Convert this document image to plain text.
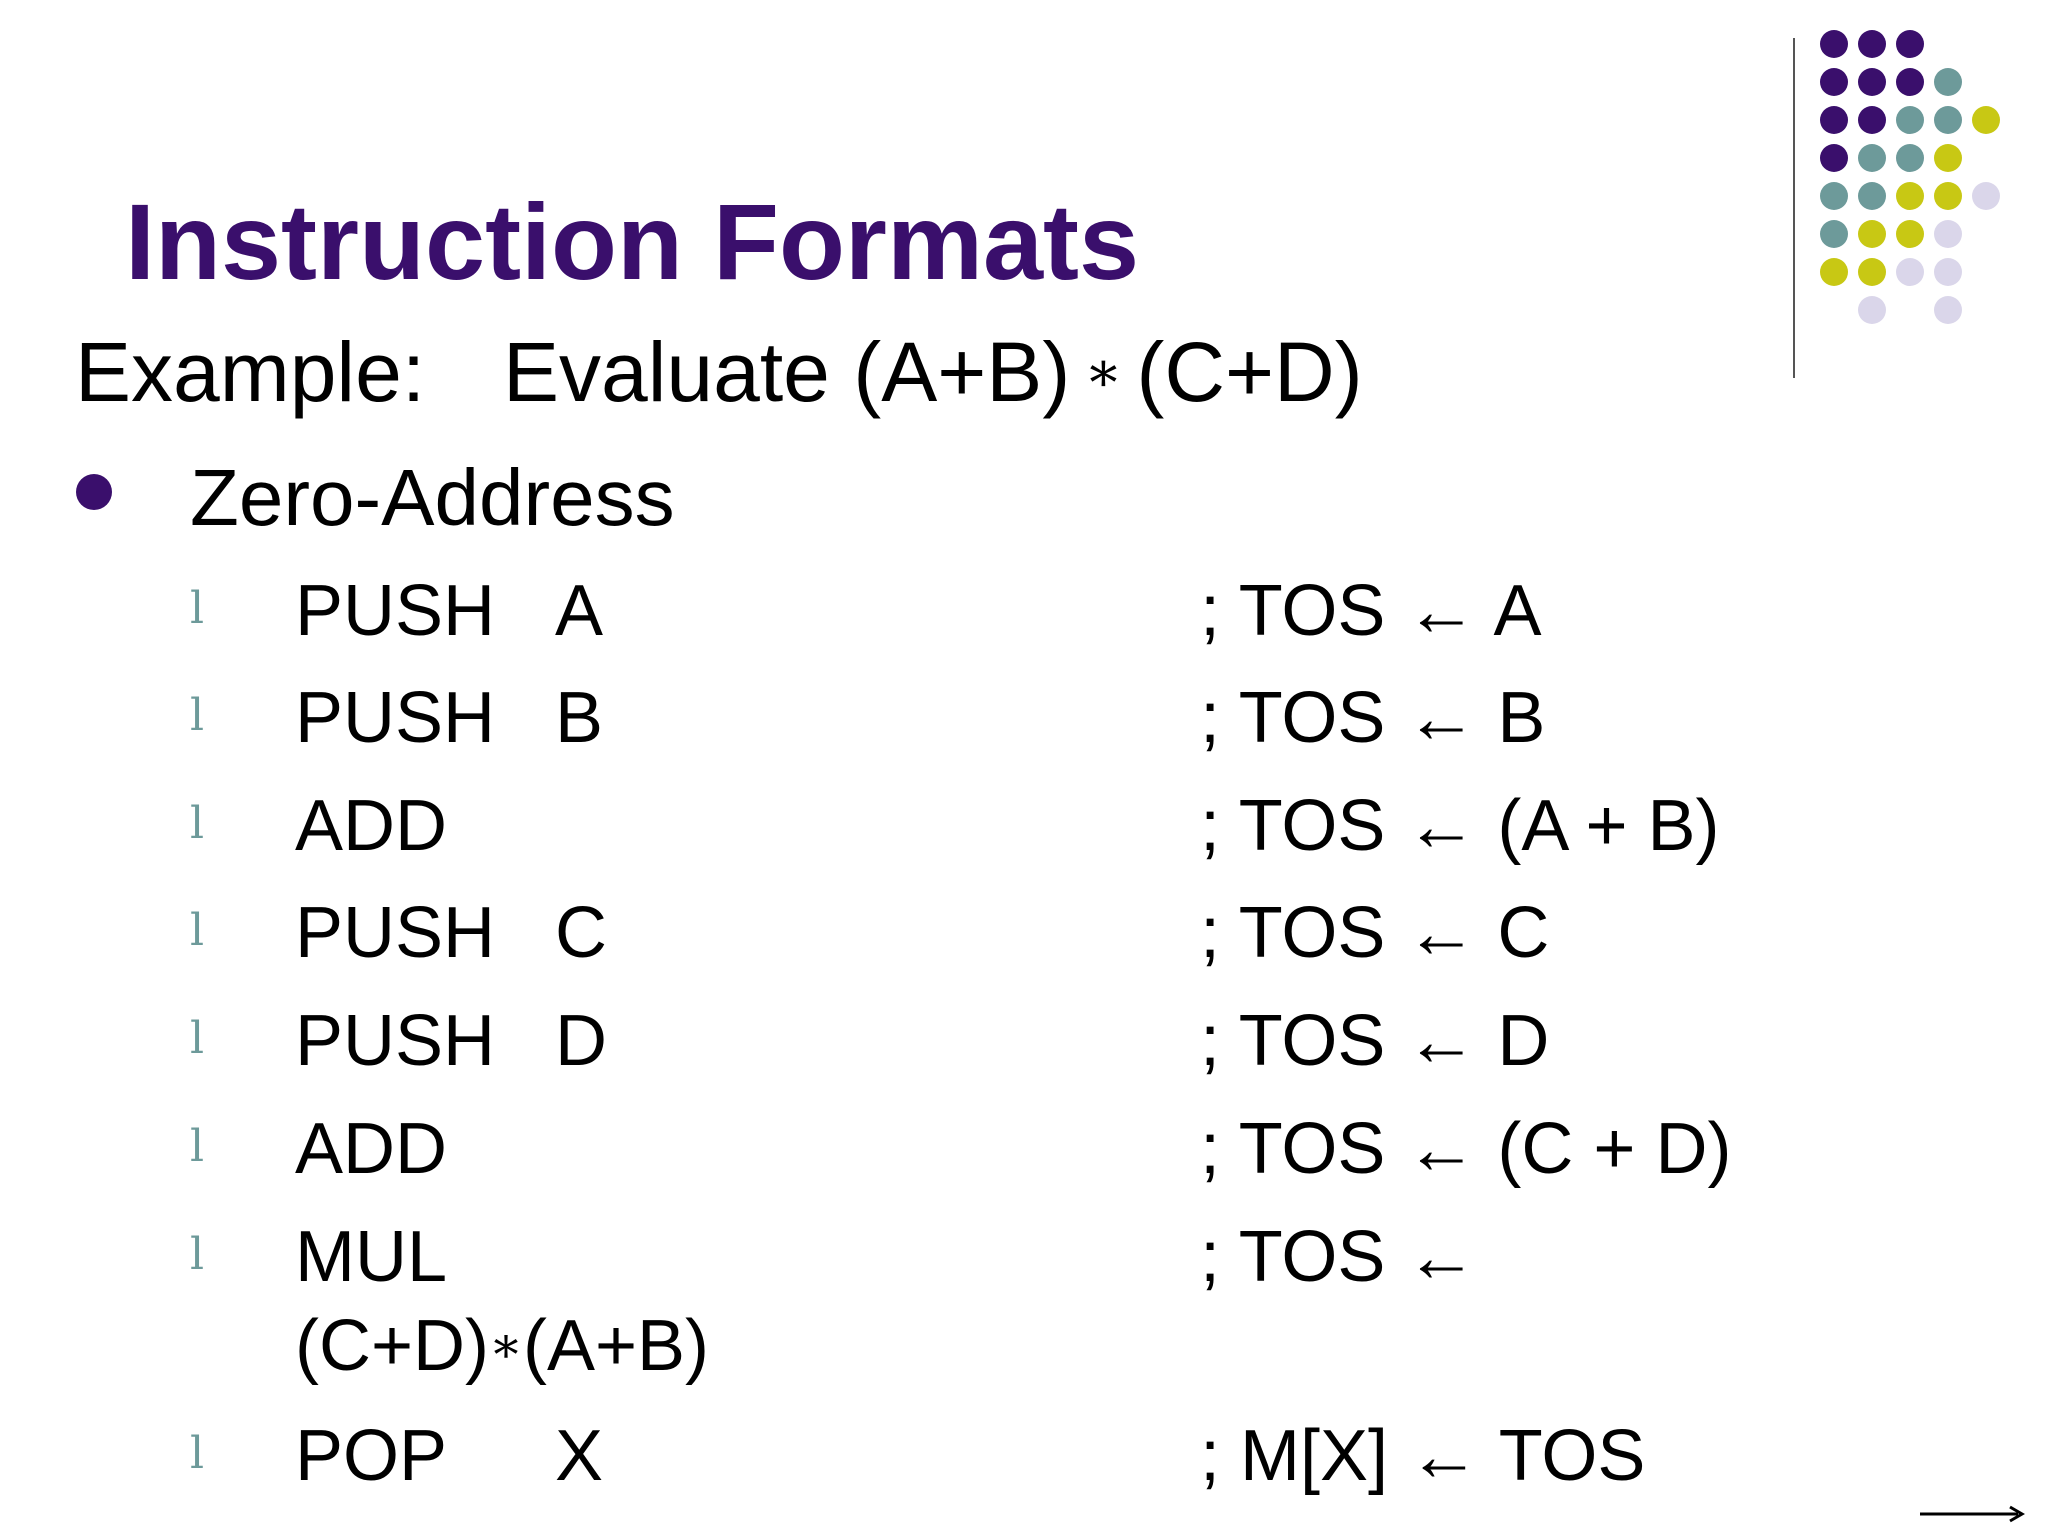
Instruction Formats
Example: Evaluate (A+B) ∗ (C+D)
Zero-Address
l PUSH A	; TOS ← A
l PUSH B	; TOS ← B
l ADD	; TOS ← (A + B)
l PUSH C	; TOS ← C
l PUSH D	; TOS ← D
l ADD	; TOS ← (C + D)
l MUL	; TOS ←
(C+D)∗(A+B)
l POP X	; M[X] ← TOS
